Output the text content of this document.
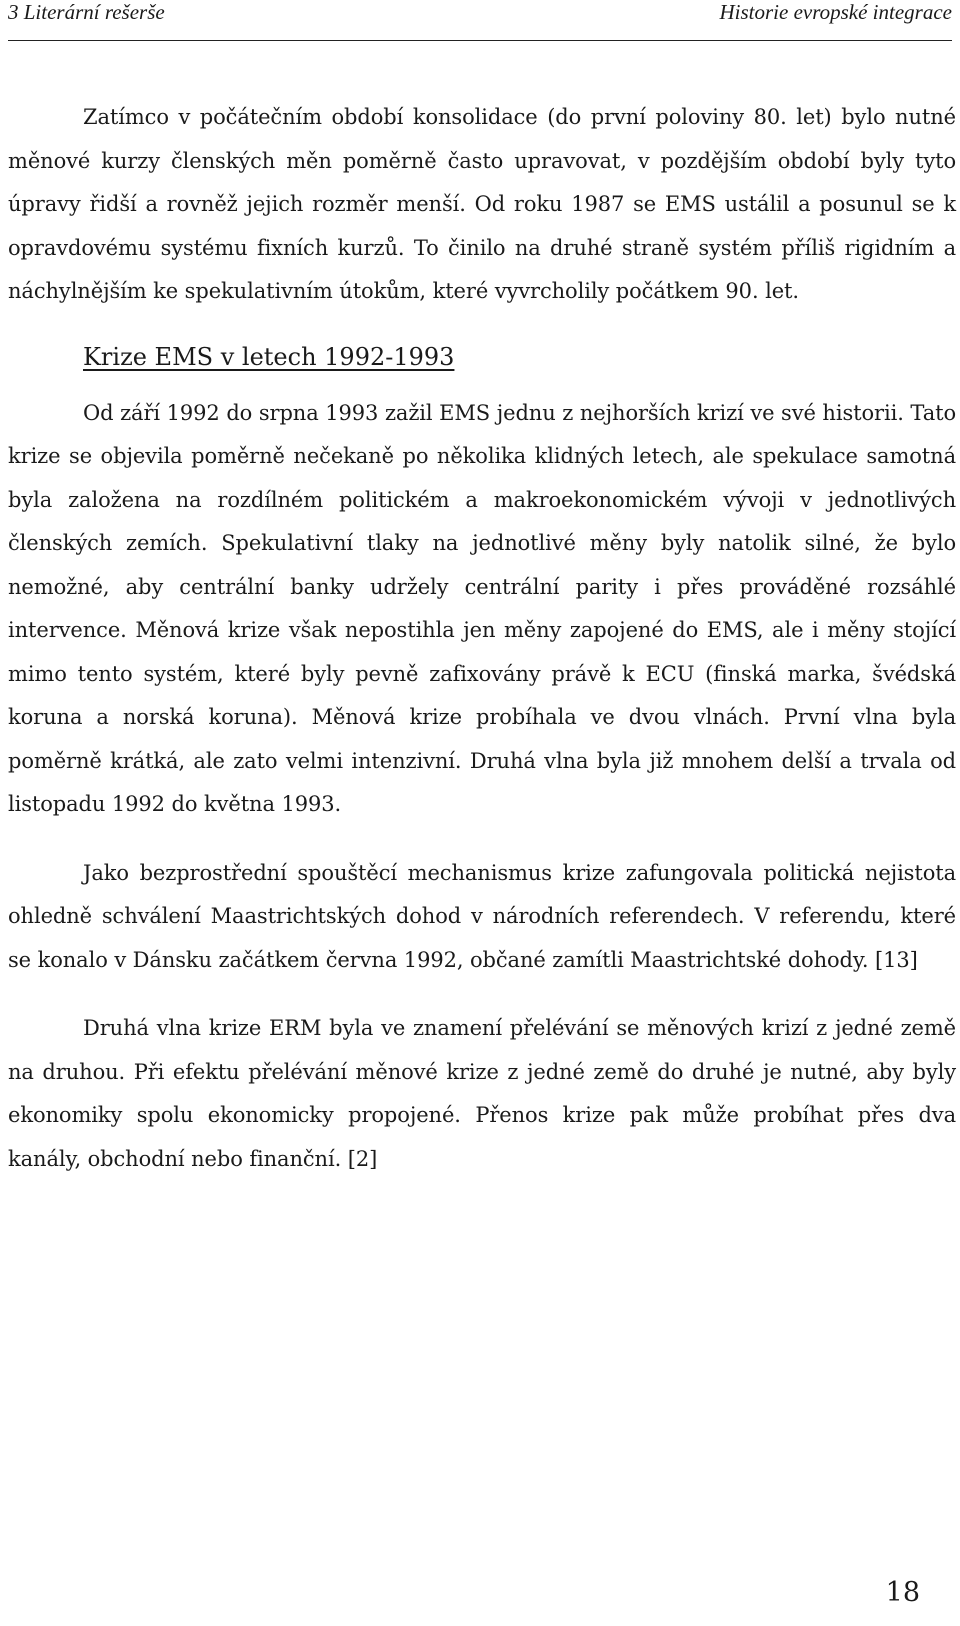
3 Literární rešerše	Historie evropské integrace

Zatímco v počátečním období konsolidace (do první poloviny 80. let) bylo nutné měnové kurzy členských měn poměrně často upravovat, v pozdějším období byly tyto úpravy řidší a rovněž jejich rozměr menší. Od roku 1987 se EMS ustálil a posunul se k opravdovému systému fixních kurzů. To činilo na druhé straně systém příliš rigidním a náchylnějším ke spekulativním útokům, které vyvrcholily počátkem 90. let.

Krize EMS v letech 1992-1993

Od září 1992 do srpna 1993 zažil EMS jednu z nejhorších krizí ve své historii. Tato krize se objevila poměrně nečekaně po několika klidných letech, ale spekulace samotná byla založena na rozdílném politickém a makroekonomickém vývoji v jednotlivých členských zemích. Spekulativní tlaky na jednotlivé měny byly natolik silné, že bylo nemožné, aby centrální banky udržely centrální parity i přes prováděné rozsáhlé intervence. Měnová krize však nepostihla jen měny zapojené do EMS, ale i měny stojící mimo tento systém, které byly pevně zafixovány právě k ECU (finská marka, švédská koruna a norská koruna). Měnová krize probíhala ve dvou vlnách. První vlna byla poměrně krátká, ale zato velmi intenzivní. Druhá vlna byla již mnohem delší a trvala od listopadu 1992 do května 1993.

Jako bezprostřední spouštěcí mechanismus krize zafungovala politická nejistota ohledně schválení Maastrichtských dohod v národních referendech. V referendu, které se konalo v Dánsku začátkem června 1992, občané zamítli Maastrichtské dohody. [13]

Druhá vlna krize ERM byla ve znamení přelévání se měnových krizí z jedné země na druhou. Při efektu přelévání měnové krize z jedné země do druhé je nutné, aby byly ekonomiky spolu ekonomicky propojené. Přenos krize pak může probíhat přes dva kanály, obchodní nebo finanční. [2]

18
